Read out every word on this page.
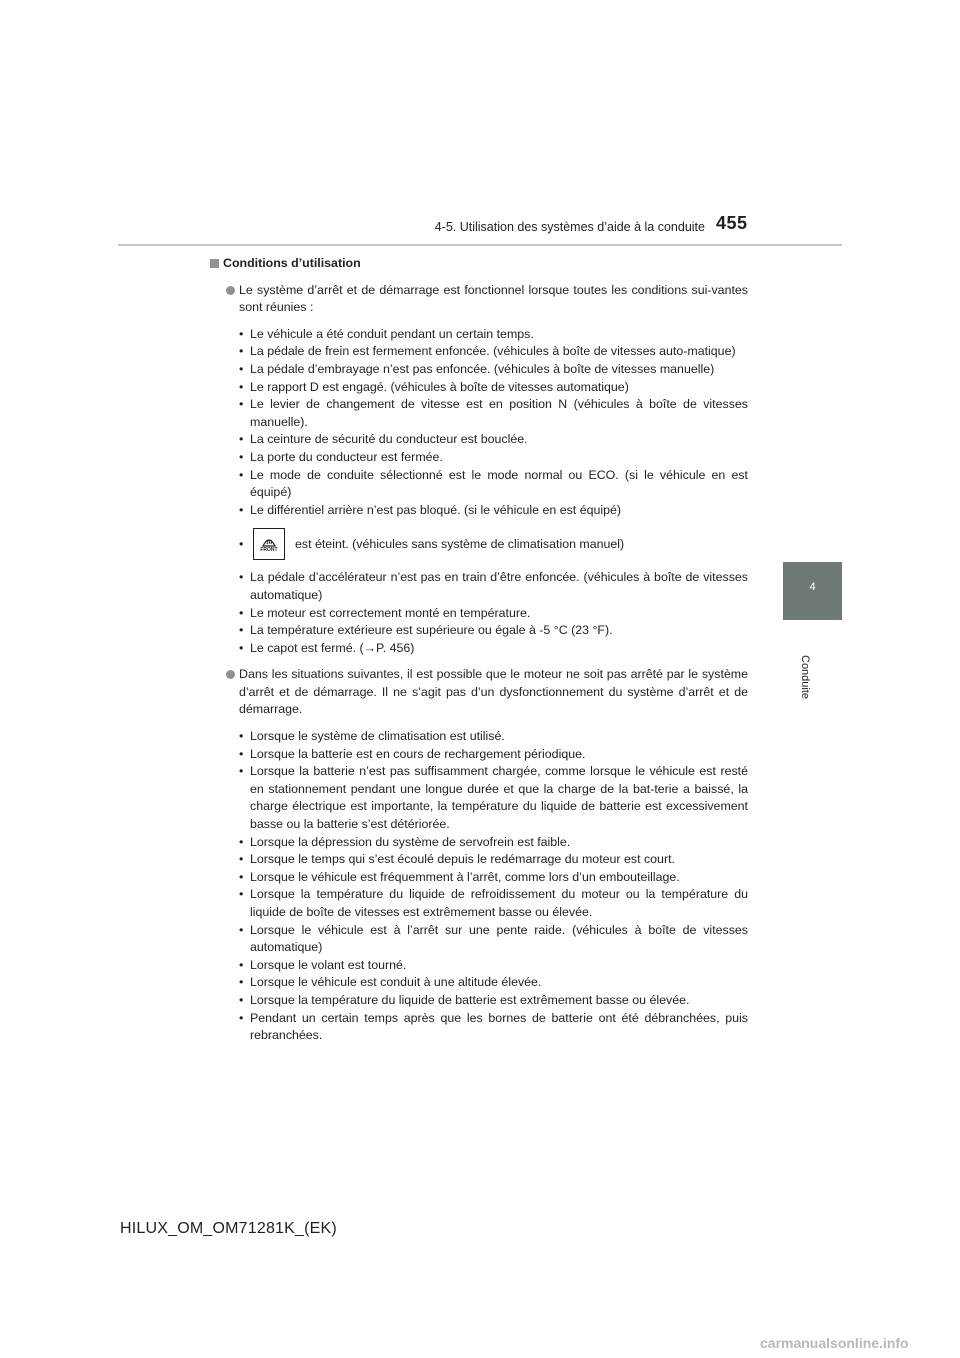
4-5. Utilisation des systèmes d’aide à la conduite 455
4
Conduite
Conditions d’utilisation
Le système d’arrêt et de démarrage est fonctionnel lorsque toutes les conditions sui-vantes sont réunies :
• Le véhicule a été conduit pendant un certain temps.
• La pédale de frein est fermement enfoncée. (véhicules à boîte de vitesses auto-matique)
• La pédale d’embrayage n’est pas enfoncée. (véhicules à boîte de vitesses manuelle)
• Le rapport D est engagé. (véhicules à boîte de vitesses automatique)
• Le levier de changement de vitesse est en position N (véhicules à boîte de vitesses manuelle).
• La ceinture de sécurité du conducteur est bouclée.
• La porte du conducteur est fermée.
• Le mode de conduite sélectionné est le mode normal ou ECO. (si le véhicule en est équipé)
• Le différentiel arrière n’est pas bloqué. (si le véhicule en est équipé)
•	FRONT est éteint. (véhicules sans système de climatisation manuel)
• La pédale d’accélérateur n’est pas en train d’être enfoncée. (véhicules à boîte de vitesses automatique)
• Le moteur est correctement monté en température.
• La température extérieure est supérieure ou égale à -5 °C (23 °F).
• Le capot est fermé. (→P. 456)
Dans les situations suivantes, il est possible que le moteur ne soit pas arrêté par le système d’arrêt et de démarrage. Il ne s’agit pas d’un dysfonctionnement du système d’arrêt et de démarrage.
• Lorsque le système de climatisation est utilisé.
• Lorsque la batterie est en cours de rechargement périodique.
• Lorsque la batterie n’est pas suffisamment chargée, comme lorsque le véhicule est resté en stationnement pendant une longue durée et que la charge de la bat-terie a baissé, la charge électrique est importante, la température du liquide de batterie est excessivement basse ou la batterie s’est détériorée.
• Lorsque la dépression du système de servofrein est faible.
• Lorsque le temps qui s’est écoulé depuis le redémarrage du moteur est court.
• Lorsque le véhicule est fréquemment à l’arrêt, comme lors d’un embouteillage.
• Lorsque la température du liquide de refroidissement du moteur ou la température du liquide de boîte de vitesses est extrêmement basse ou élevée.
• Lorsque le véhicule est à l’arrêt sur une pente raide. (véhicules à boîte de vitesses automatique)
• Lorsque le volant est tourné.
• Lorsque le véhicule est conduit à une altitude élevée.
• Lorsque la température du liquide de batterie est extrêmement basse ou élevée.
• Pendant un certain temps après que les bornes de batterie ont été débranchées, puis rebranchées.
HILUX_OM_OM71281K_(EK)
carmanualsonline.info
